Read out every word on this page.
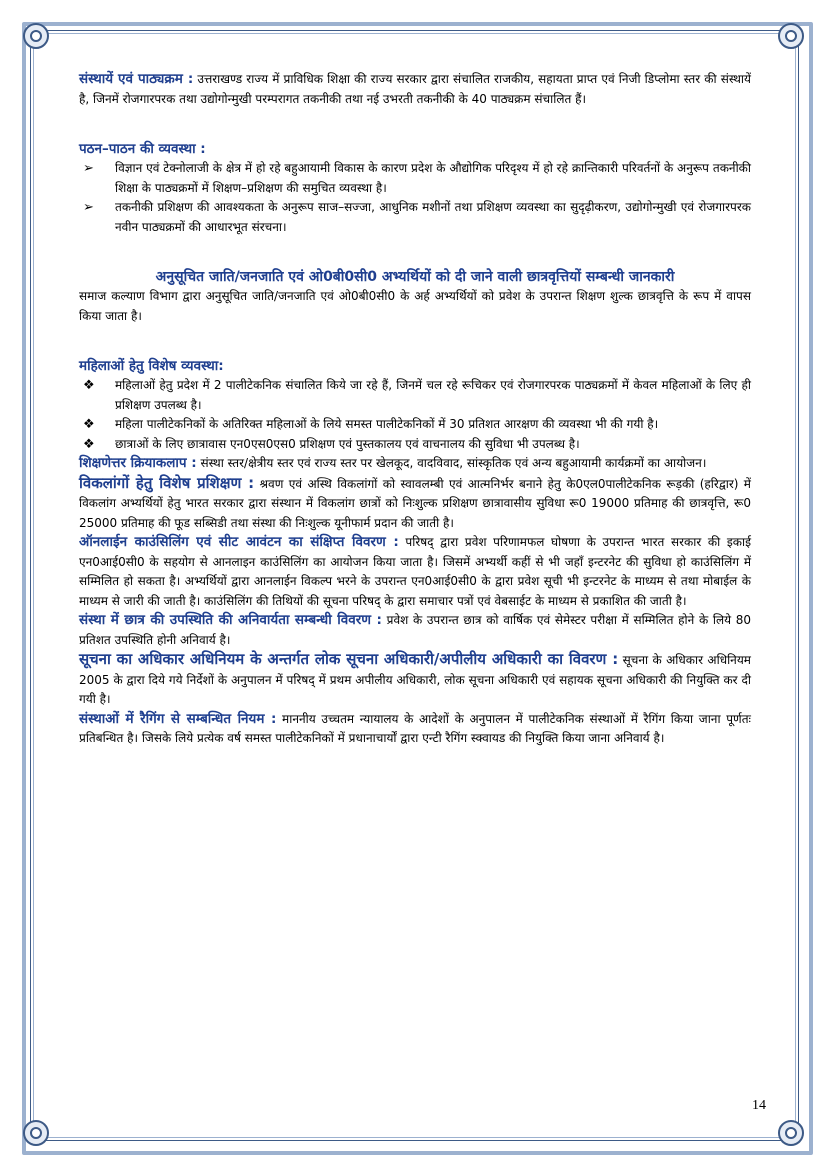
संस्थायें एवं पाठ्यक्रम : उत्तराखण्ड राज्य में प्राविधिक शिक्षा की राज्य सरकार द्वारा संचालित राजकीय, सहायता प्राप्त एवं निजी डिप्लोमा स्तर की संस्थायें है, जिनमें रोजगारपरक तथा उद्योगोन्मुखी परम्परागत तकनीकी तथा नई उभरती तकनीकी के 40 पाठ्यक्रम संचालित हैं।

पठन–पाठन की व्यवस्था :

➢ विज्ञान एवं टेक्नोलाजी के क्षेत्र में हो रहे बहुआयामी विकास के कारण प्रदेश के औद्योगिक परिदृश्य में हो रहे क्रान्तिकारी परिवर्तनों के अनुरूप तकनीकी शिक्षा के पाठ्यक्रमों में शिक्षण–प्रशिक्षण की समुचित व्यवस्था है।
➢ तकनीकी प्रशिक्षण की आवश्यकता के अनुरूप साज–सज्जा, आधुनिक मशीनों तथा प्रशिक्षण व्यवस्था का सुदृढ़ीकरण, उद्योगोन्मुखी एवं रोजगारपरक नवीन पाठ्यक्रमों की आधारभूत संरचना।

अनुसूचित जाति/जनजाति एवं ओ0बी0सी0 अभ्यर्थियों को दी जाने वाली छात्रवृत्तियों सम्बन्धी जानकारी

समाज कल्याण विभाग द्वारा अनुसूचित जाति/जनजाति एवं ओ0बी0सी0 के अर्ह अभ्यर्थियों को प्रवेश के उपरान्त शिक्षण शुल्क छात्रवृत्ति के रूप में वापस किया जाता है।

महिलाओं हेतु विशेष व्यवस्था:

❖ महिलाओं हेतु प्रदेश में 2 पालीटेकनिक संचालित किये जा रहे हैं, जिनमें चल रहे रूचिकर एवं रोजगारपरक पाठ्यक्रमों में केवल महिलाओं के लिए ही प्रशिक्षण उपलब्ध है।
❖ महिला पालीटेकनिकों के अतिरिक्त महिलाओं के लिये समस्त पालीटेकनिकों में 30 प्रतिशत आरक्षण की व्यवस्था भी की गयी है।
❖ छात्राओं के लिए छात्रावास एन0एस0एस0 प्रशिक्षण एवं पुस्तकालय एवं वाचनालय की सुविधा भी उपलब्ध है।

शिक्षणेत्तर क्रियाकलाप : संस्था स्तर/क्षेत्रीय स्तर एवं राज्य स्तर पर खेलकूद, वादविवाद, सांस्कृतिक एवं अन्य बहुआयामी कार्यक्रमों का आयोजन।

विकलांगों हेतु विशेष प्रशिक्षण : श्रवण एवं अस्थि विकलांगों को स्वावलम्बी एवं आत्मनिर्भर बनाने हेतु के0एल0पालीटेकनिक रूड़की (हरिद्वार) में विकलांग अभ्यर्थियों हेतु भारत सरकार द्वारा संस्थान में विकलांग छात्रों को निःशुल्क प्रशिक्षण छात्रावासीय सुविधा रू0 19000 प्रतिमाह की छात्रवृत्ति, रू0 25000 प्रतिमाह की फूड सब्सिडी तथा संस्था की निःशुल्क यूनीफार्म प्रदान की जाती है।

ऑनलाईन काउंसिलिंग एवं सीट आवंटन का संक्षिप्त विवरण : परिषद् द्वारा प्रवेश परिणामफल घोषणा के उपरान्त भारत सरकार की इकाई एन0आई0सी0 के सहयोग से आनलाइन काउंसिलिंग का आयोजन किया जाता है। जिसमें अभ्यर्थी कहीं से भी जहाँ इन्टरनेट की सुविधा हो काउंसिलिंग में सम्मिलित हो सकता है। अभ्यर्थियों द्वारा आनलाईन विकल्प भरने के उपरान्त एन0आई0सी0 के द्वारा प्रवेश सूची भी इन्टरनेट के माध्यम से तथा मोबाईल के माध्यम से जारी की जाती है। काउंसिलिंग की तिथियों की सूचना परिषद् के द्वारा समाचार पत्रों एवं वेबसाईट के माध्यम से प्रकाशित की जाती है।

संस्था में छात्र की उपस्थिति की अनिवार्यता सम्बन्धी विवरण : प्रवेश के उपरान्त छात्र को वार्षिक एवं सेमेस्टर परीक्षा में सम्मिलित होने के लिये 80 प्रतिशत उपस्थिति होनी अनिवार्य है।

सूचना का अधिकार अधिनियम के अन्तर्गत लोक सूचना अधिकारी/अपीलीय अधिकारी का विवरण : सूचना के अधिकार अधिनियम 2005 के द्वारा दिये गये निर्देशों के अनुपालन में परिषद् में प्रथम अपीलीय अधिकारी, लोक सूचना अधिकारी एवं सहायक सूचना अधिकारी की नियुक्ति कर दी गयी है।

संस्थाओं में रैगिंग से सम्बन्धित नियम : माननीय उच्चतम न्यायालय के आदेशों के अनुपालन में पालीटेकनिक संस्थाओं में रैगिंग किया जाना पूर्णतः प्रतिबन्धित है। जिसके लिये प्रत्येक वर्ष समस्त पालीटेकनिकों में प्रधानाचार्यों द्वारा एन्टी रैगिंग स्क्वायड की नियुक्ति किया जाना अनिवार्य है।

14
